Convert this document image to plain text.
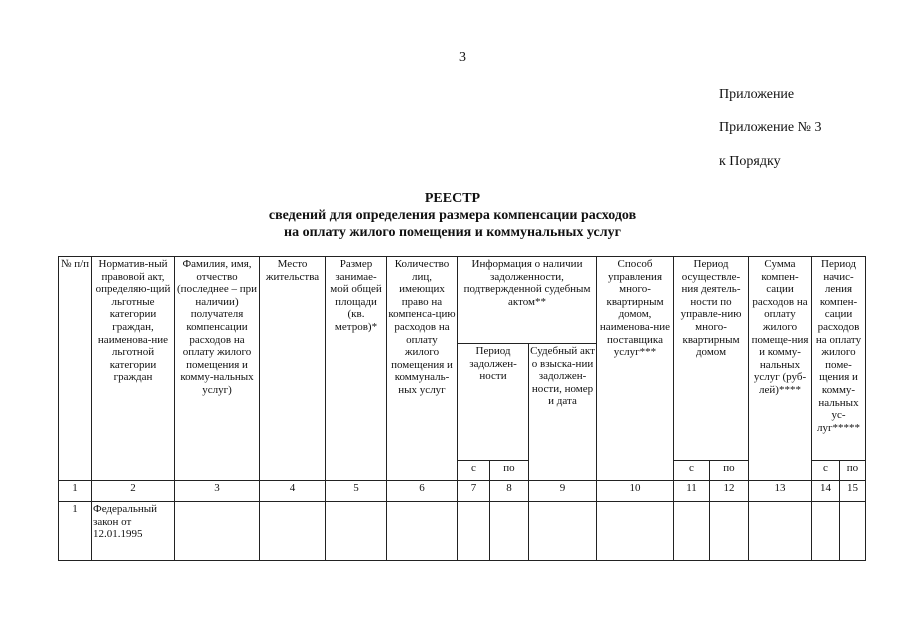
3
Приложение
Приложение № 3
к Порядку
РЕЕСТР
сведений для определения размера компенсации расходов
на оплату жилого помещения и коммунальных услуг
№ п/п	Норматив-ный правовой акт, определяю-щий льготные категории граждан, наименова-ние льготной категории граждан	Фамилия, имя, отчество (последнее – при наличии) получателя компенсации расходов на оплату жилого помещения и комму-нальных услуг)	Место жительства	Размер занимае-мой общей площади (кв. метров)*	Количество лиц, имеющих право на компенса-цию расходов на оплату жилого помещения и коммуналь-ных услуг	Информация о наличии задолженности, подтвержденной судебным актом**			Способ управления много-квартирным домом, наименова-ние поставщика услуг***	Период осуществле-ния деятель-ности по управле-нию много-квартирным домом		Сумма компен-сации расходов на оплату жилого помеще-ния и комму-нальных услуг (руб-лей)****	Период начис-ления компен-сации расходов на оплату жилого поме-щения и комму-нальных ус-луг*****	
						Период задолжен-ности		Судебный акт о взыска-нии задолжен-ности, номер и дата						
						с	по			с	по		с	по
1	2	3	4	5	6	7	8	9	10	11	12	13	14	15
1	Федеральный закон от 12.01.1995													
